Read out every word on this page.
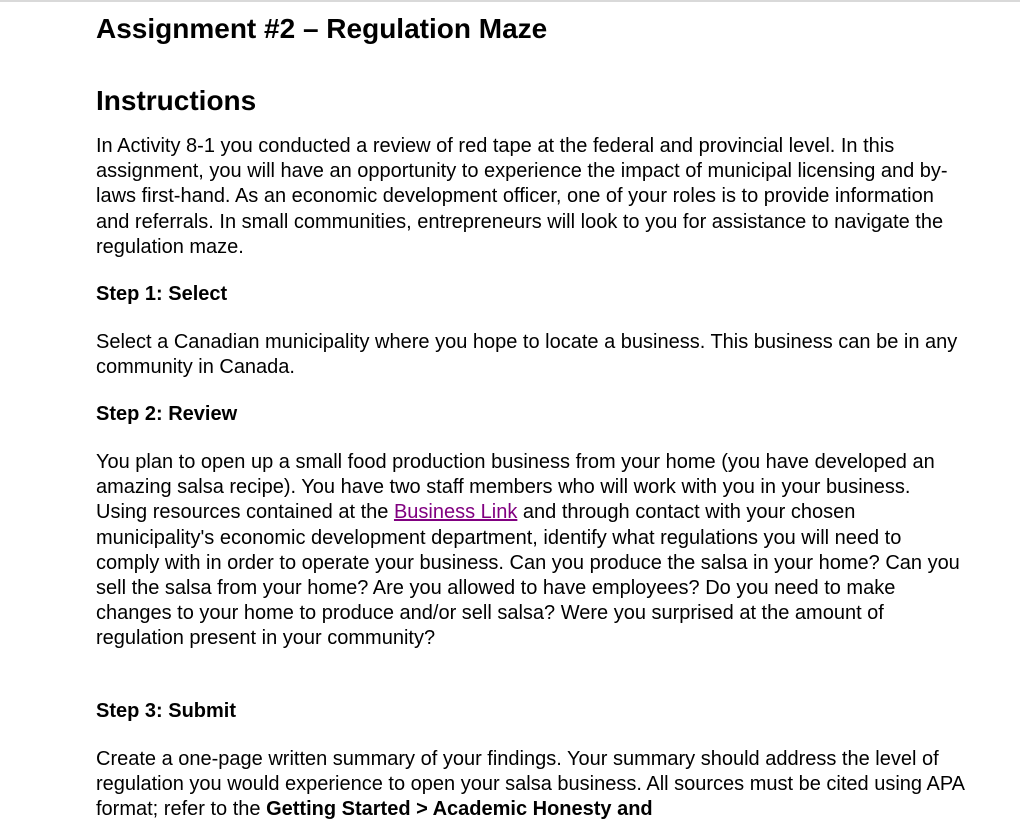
Assignment #2 – Regulation Maze
Instructions

In Activity 8-1 you conducted a review of red tape at the federal and provincial level. In this assignment, you will have an opportunity to experience the impact of municipal licensing and by-laws first-hand. As an economic development officer, one of your roles is to provide information and referrals. In small communities, entrepreneurs will look to you for assistance to navigate the regulation maze.

Step 1: Select

Select a Canadian municipality where you hope to locate a business. This business can be in any community in Canada.

Step 2: Review

You plan to open up a small food production business from your home (you have developed an amazing salsa recipe). You have two staff members who will work with you in your business. Using resources contained at the Business Link and through contact with your chosen municipality's economic development department, identify what regulations you will need to comply with in order to operate your business. Can you produce the salsa in your home? Can you sell the salsa from your home? Are you allowed to have employees? Do you need to make changes to your home to produce and/or sell salsa? Were you surprised at the amount of regulation present in your community?

Step 3: Submit

Create a one-page written summary of your findings. Your summary should address the level of regulation you would experience to open your salsa business. All sources must be cited using APA format; refer to the Getting Started > Academic Honesty and
